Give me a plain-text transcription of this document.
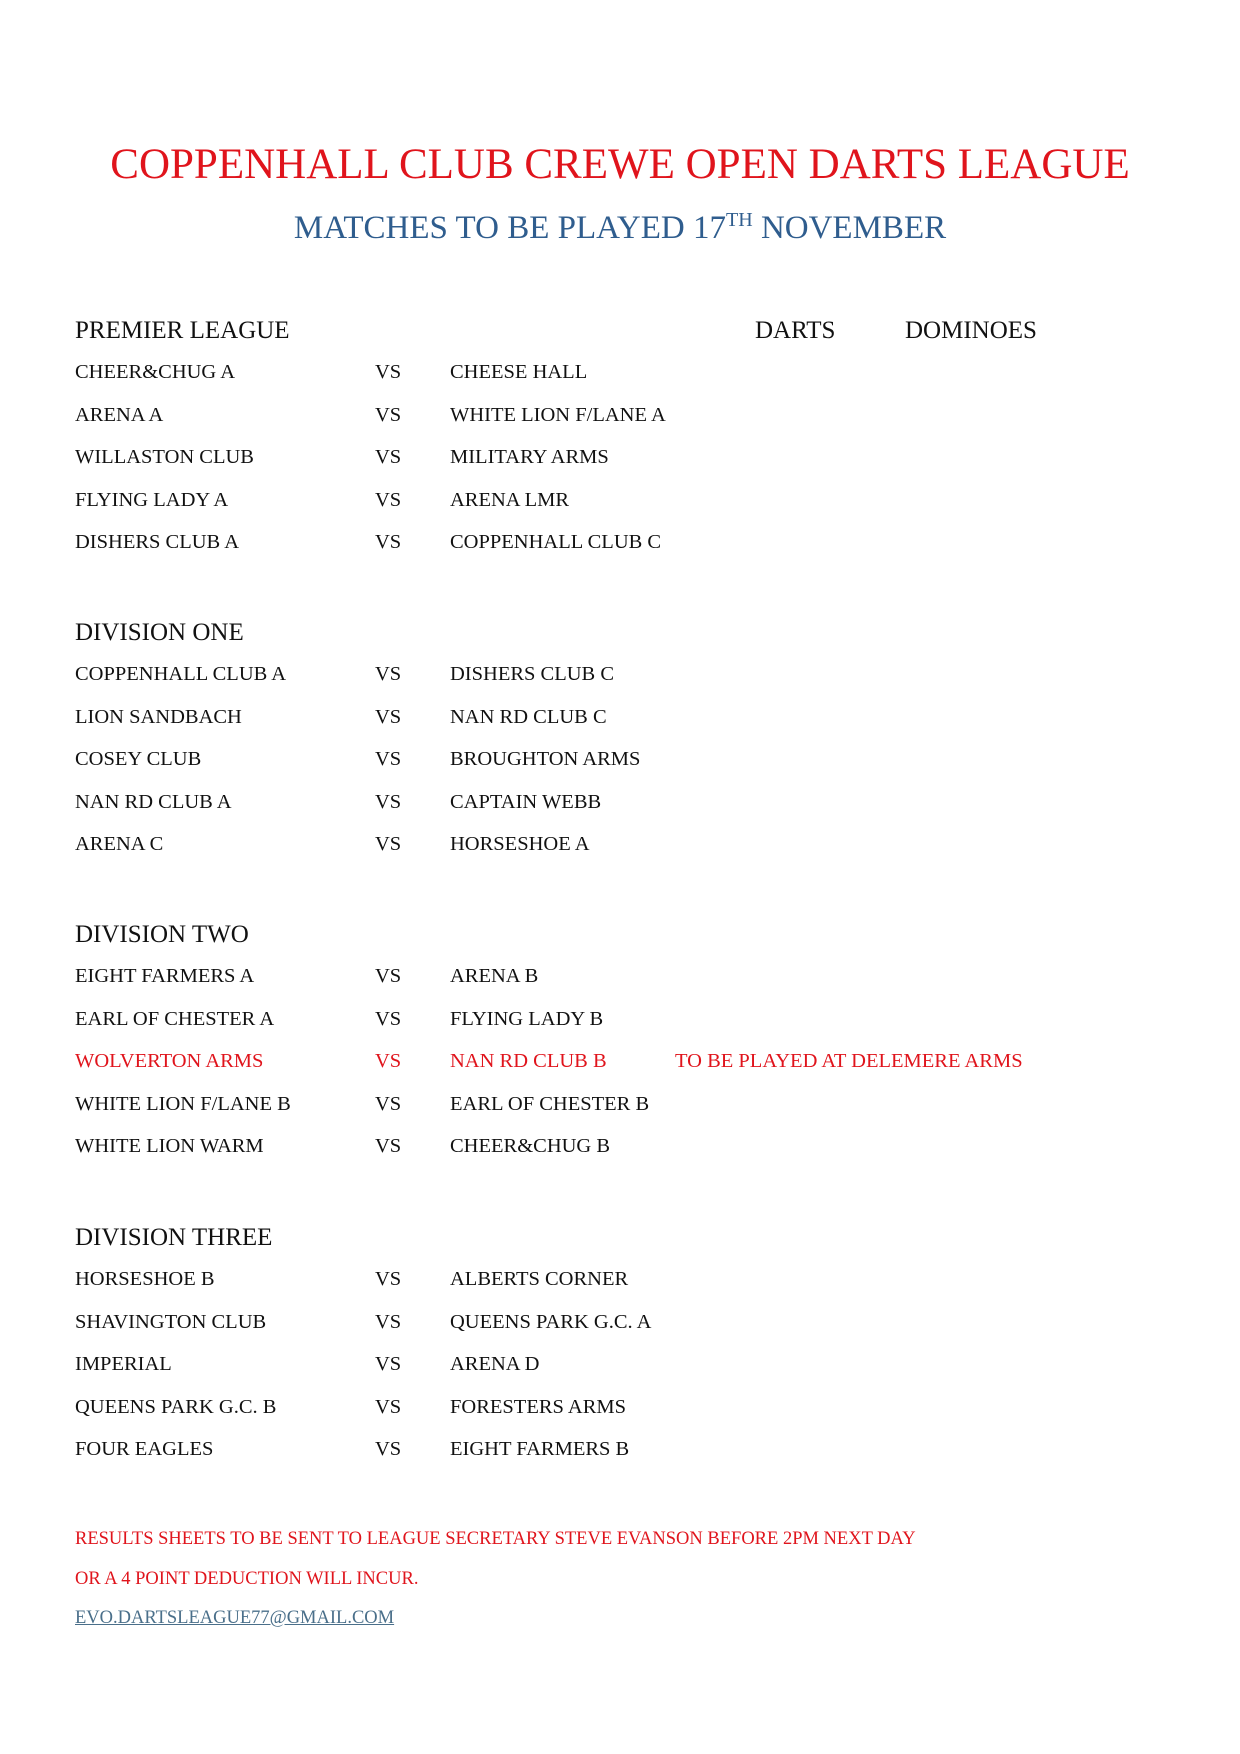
COPPENHALL CLUB CREWE OPEN DARTS LEAGUE
MATCHES TO BE PLAYED 17TH NOVEMBER
PREMIER LEAGUE	DARTS	DOMINOES
CHEER&CHUG A	VS CHEESE HALL
ARENA A	VS WHITE LION F/LANE A
WILLASTON CLUB	VS MILITARY ARMS
FLYING LADY A	VS ARENA LMR
DISHERS CLUB A	VS COPPENHALL CLUB C
DIVISION ONE
COPPENHALL CLUB A	VS DISHERS CLUB C
LION SANDBACH	VS NAN RD CLUB C
COSEY CLUB	VS BROUGHTON ARMS
NAN RD CLUB A	VS CAPTAIN WEBB
ARENA C	VS HORSESHOE A
DIVISION TWO
EIGHT FARMERS A	VS ARENA B
EARL OF CHESTER A	VS FLYING LADY B
WOLVERTON ARMS	VS NAN RD CLUB B	TO BE PLAYED AT DELEMERE ARMS
WHITE LION F/LANE B	VS EARL OF CHESTER B
WHITE LION WARM	VS CHEER&CHUG B
DIVISION THREE
HORSESHOE B	VS ALBERTS CORNER
SHAVINGTON CLUB	VS QUEENS PARK G.C. A
IMPERIAL	VS ARENA D
QUEENS PARK G.C. B	VS FORESTERS ARMS
FOUR EAGLES	VS EIGHT FARMERS B
RESULTS SHEETS TO BE SENT TO LEAGUE SECRETARY STEVE EVANSON BEFORE 2PM NEXT DAY
OR A 4 POINT DEDUCTION WILL INCUR.
EVO.DARTSLEAGUE77@GMAIL.COM
